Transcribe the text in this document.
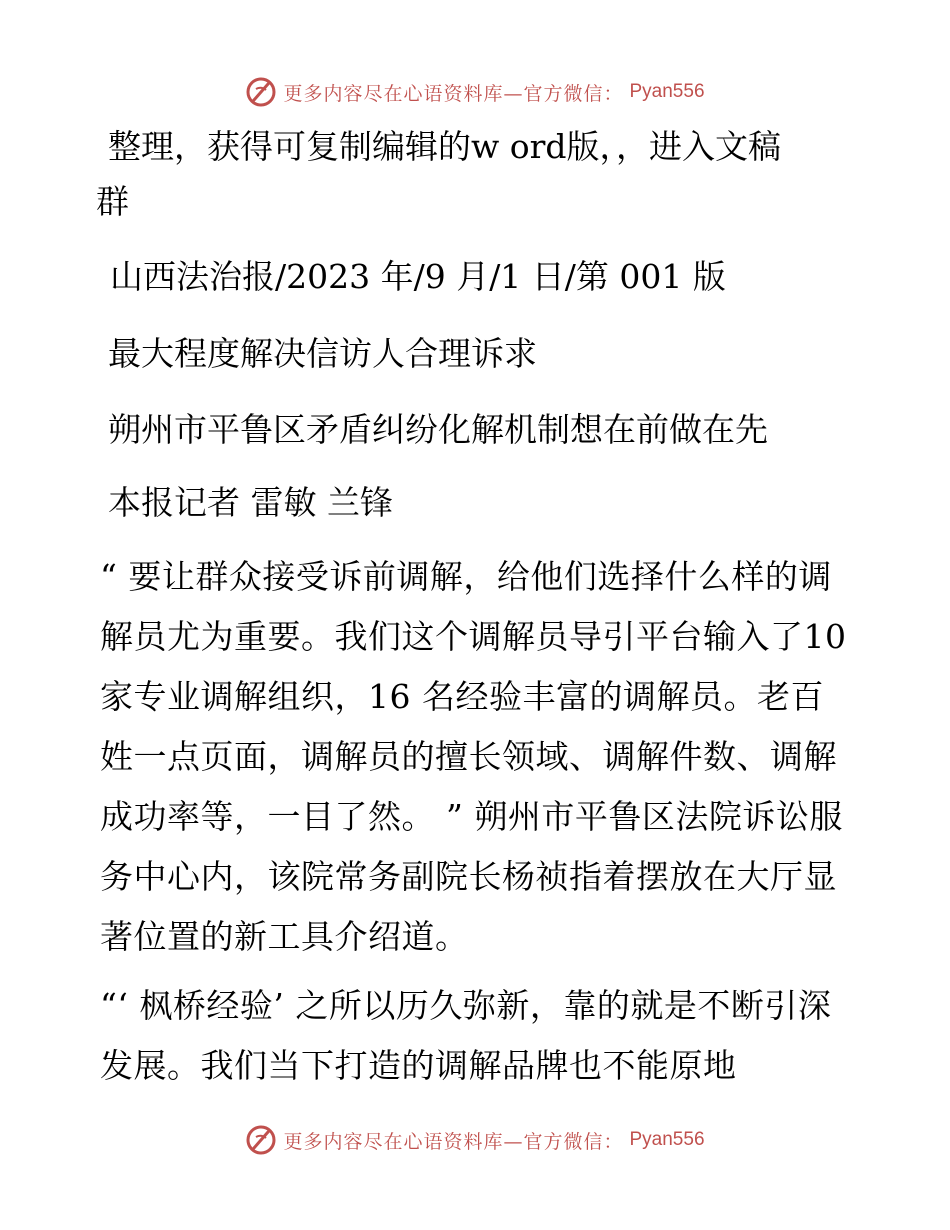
更多内容尽在心语资料库—官方微信： Pyan556
整理，获得可复制编辑的w ord版，，进入文稿
群
山西法治报/2023 年/9 月/1 日/第 001 版
最大程度解决信访人合理诉求
朔州市平鲁区矛盾纠纷化解机制想在前做在先
本报记者 雷敏 兰锋
“ 要让群众接受诉前调解，给他们选择什么样的调解员尤为重要。我们这个调解员导引平台输入了10 家专业调解组织，16 名经验丰富的调解员。老百姓一点页面，调解员的擅长领域、调解件数、调解成功率等，一目了然。 ” 朔州市平鲁区法院诉讼服务中心内，该院常务副院长杨祯指着摆放在大厅显著位置的新工具介绍道。
“‘ 枫桥经验’ 之所以历久弥新，靠的就是不断引深发展。我们当下打造的调解品牌也不能原地
更多内容尽在心语资料库—官方微信： Pyan556
